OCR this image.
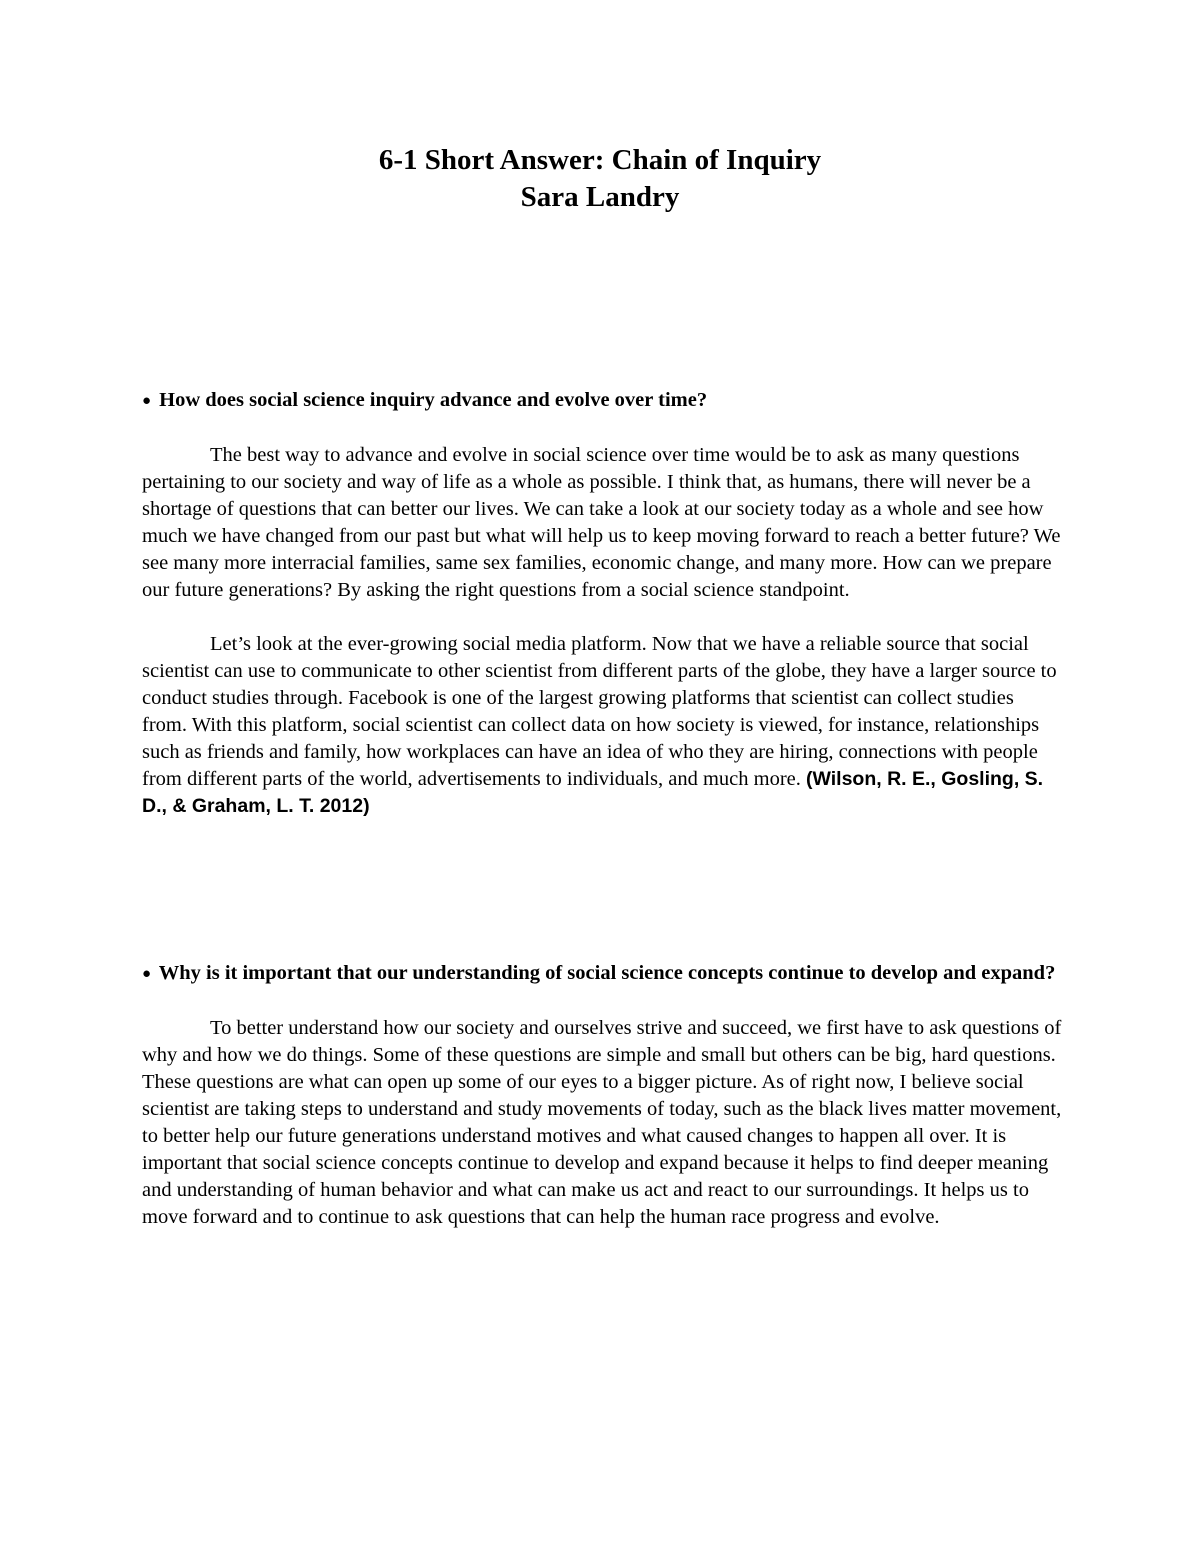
6-1 Short Answer: Chain of Inquiry
Sara Landry

● How does social science inquiry advance and evolve over time?

The best way to advance and evolve in social science over time would be to ask as many questions pertaining to our society and way of life as a whole as possible. I think that, as humans, there will never be a shortage of questions that can better our lives. We can take a look at our society today as a whole and see how much we have changed from our past but what will help us to keep moving forward to reach a better future? We see many more interracial families, same sex families, economic change, and many more. How can we prepare our future generations? By asking the right questions from a social science standpoint.

Let’s look at the ever-growing social media platform. Now that we have a reliable source that social scientist can use to communicate to other scientist from different parts of the globe, they have a larger source to conduct studies through. Facebook is one of the largest growing platforms that scientist can collect studies from. With this platform, social scientist can collect data on how society is viewed, for instance, relationships such as friends and family, how workplaces can have an idea of who they are hiring, connections with people from different parts of the world, advertisements to individuals, and much more. (Wilson, R. E., Gosling, S. D., & Graham, L. T. 2012)

● Why is it important that our understanding of social science concepts continue to develop and expand?

To better understand how our society and ourselves strive and succeed, we first have to ask questions of why and how we do things. Some of these questions are simple and small but others can be big, hard questions. These questions are what can open up some of our eyes to a bigger picture. As of right now, I believe social scientist are taking steps to understand and study movements of today, such as the black lives matter movement, to better help our future generations understand motives and what caused changes to happen all over. It is important that social science concepts continue to develop and expand because it helps to find deeper meaning and understanding of human behavior and what can make us act and react to our surroundings. It helps us to move forward and to continue to ask questions that can help the human race progress and evolve.
